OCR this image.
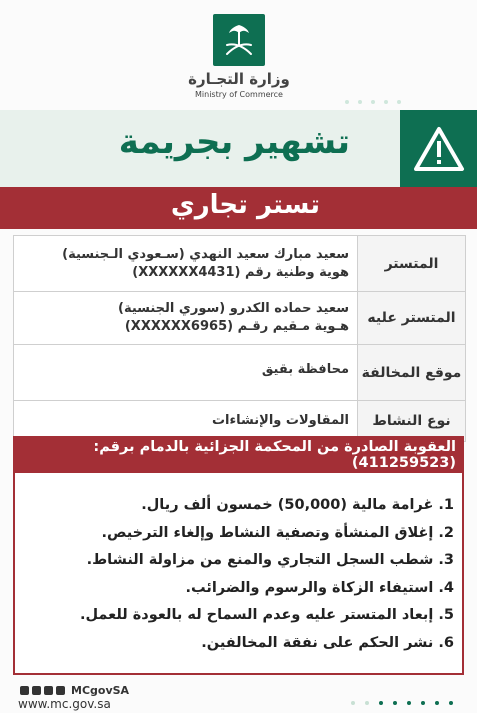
وزارة التجـارة
Ministry of Commerce
تشهير بجريمة
تستر تجاري
المتستر
سعيد مبارك سعيد النهدي (سـعودي الـجنسية)
هوية وطنية رقم (XXXXXX4431)
المتستر عليه
سعيد حماده الكدرو (سوري الجنسية)
هـوية مـقيم رقـم (XXXXXX6965)
موقع المخالفة
محافظة بقيق
نوع النشاط
المقاولات والإنشاءات
العقوبة الصادرة من المحكمة الجزائية بالدمام برقم:(411259523)
1. غرامة مالية (50,000) خمسون ألف ريال.
2. إغلاق المنشأة وتصفية النشاط وإلغاء الترخيص.
3. شطب السجل التجاري والمنع من مزاولة النشاط.
4. استيفاء الزكاة والرسوم والضرائب.
5. إبعاد المتستر عليه وعدم السماح له بالعودة للعمل.
6. نشر الحكم على نفقة المخالفين.
MCgovSA
www.mc.gov.sa
